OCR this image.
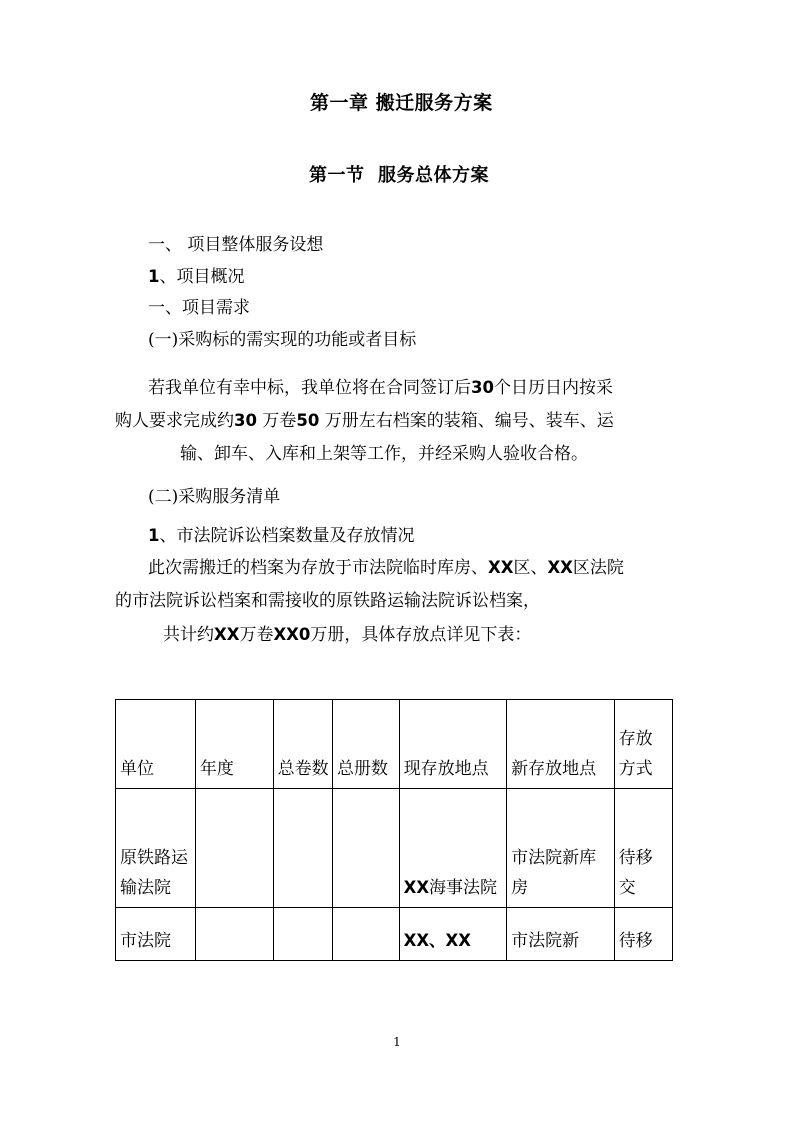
第一章 搬迁服务方案
第一节  服务总体方案
一、 项目整体服务设想
1、项目概况
一、项目需求
(一)采购标的需实现的功能或者目标
若我单位有幸中标，我单位将在合同签订后30个日历日内按采
购人要求完成约30 万卷50 万册左右档案的装箱、编号、装车、运
输、卸车、入库和上架等工作，并经采购人验收合格。
(二)采购服务清单
1、市法院诉讼档案数量及存放情况
此次需搬迁的档案为存放于市法院临时库房、XX区、XX区法院
的市法院诉讼档案和需接收的原铁路运输法院诉讼档案，
共计约XX万卷XX0万册，具体存放点详见下表：
单位	年度	总卷数	总册数	现存放地点	新存放地点	存放方式
原铁路运输法院				XX海事法院	市法院新库房	待移交
市法院				XX、XX	市法院新	待移
1
